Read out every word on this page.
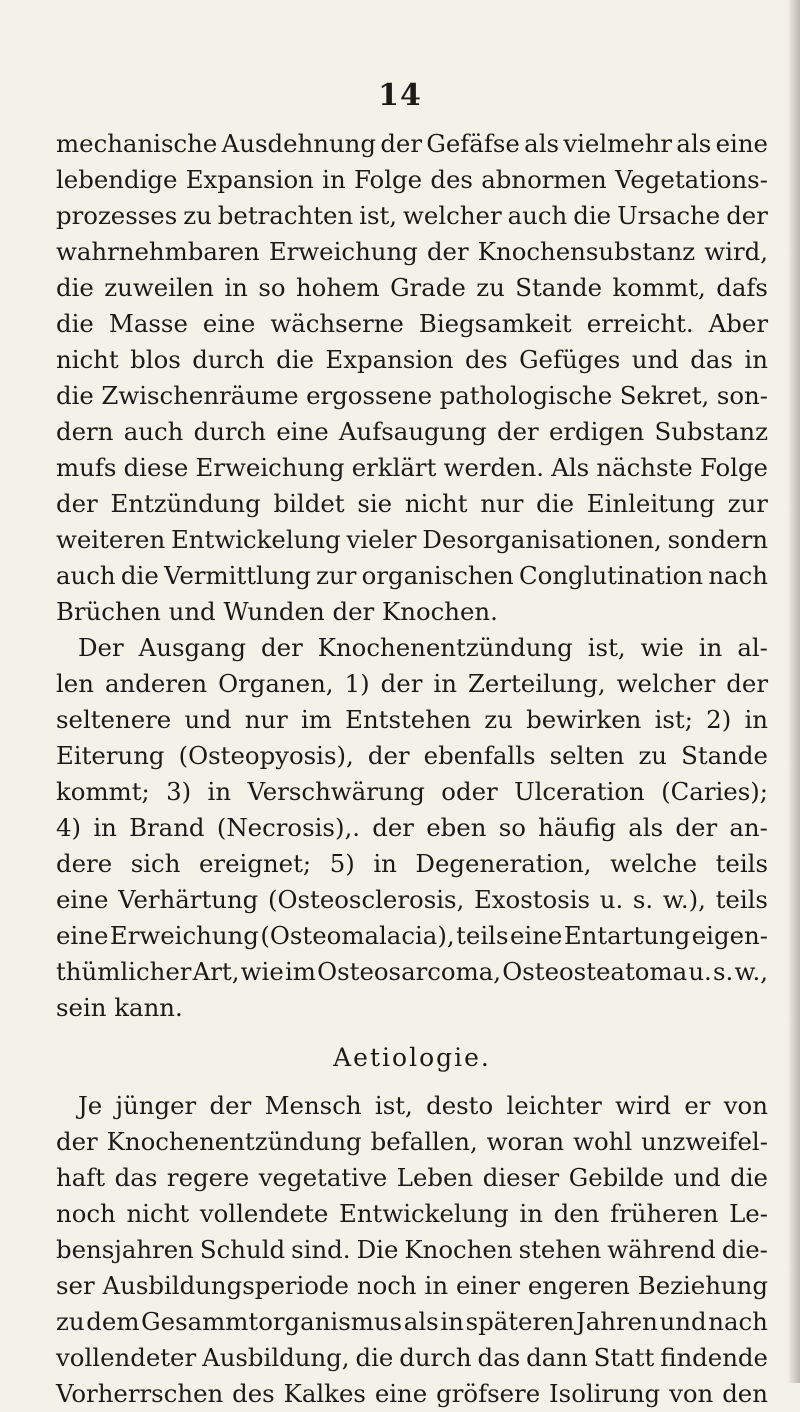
14
mechanische Ausdehnung der Gefäfse als vielmehr als eine
lebendige Expansion in Folge des abnormen Vegetations-
prozesses zu betrachten ist, welcher auch die Ursache der
wahrnehmbaren Erweichung der Knochensubstanz wird,
die zuweilen in so hohem Grade zu Stande kommt, dafs
die Masse eine wächserne Biegsamkeit erreicht. Aber
nicht blos durch die Expansion des Gefüges und das in
die Zwischenräume ergossene pathologische Sekret, son-
dern auch durch eine Aufsaugung der erdigen Substanz
mufs diese Erweichung erklärt werden. Als nächste Folge
der Entzündung bildet sie nicht nur die Einleitung zur
weiteren Entwickelung vieler Desorganisationen, sondern
auch die Vermittlung zur organischen Conglutination nach
Brüchen und Wunden der Knochen.
Der Ausgang der Knochenentzündung ist, wie in al-
len anderen Organen, 1) der in Zerteilung, welcher der
seltenere und nur im Entstehen zu bewirken ist; 2) in
Eiterung (Osteopyosis), der ebenfalls selten zu Stande
kommt; 3) in Verschwärung oder Ulceration (Caries);
4) in Brand (Necrosis),. der eben so häufig als der an-
dere sich ereignet; 5) in Degeneration, welche teils
eine Verhärtung (Osteosclerosis, Exostosis u. s. w.), teils
eine Erweichung (Osteomalacia), teils eine Entartung eigen-
thümlicher Art, wie im Osteosarcoma, Osteosteatoma u. s. w.,
sein kann.
Aetiologie.
Je jünger der Mensch ist, desto leichter wird er von
der Knochenentzündung befallen, woran wohl unzweifel-
haft das regere vegetative Leben dieser Gebilde und die
noch nicht vollendete Entwickelung in den früheren Le-
bensjahren Schuld sind. Die Knochen stehen während die-
ser Ausbildungsperiode noch in einer engeren Beziehung
zu dem Gesammtorganismus als in späteren Jahren und nach
vollendeter Ausbildung, die durch das dann Statt findende
Vorherrschen des Kalkes eine gröfsere Isolirung von den
